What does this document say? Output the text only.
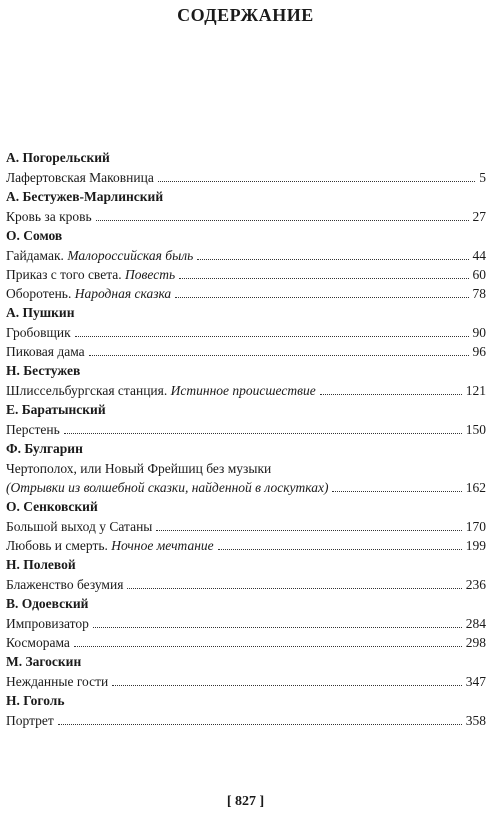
СОДЕРЖАНИЕ
А. Погорельский
Лафертовская Маковница	5
А. Бестужев-Марлинский
Кровь за кровь	27
О. Сомов
Гайдамак. Малороссийская быль	44
Приказ с того света. Повесть	60
Оборотень. Народная сказка	78
А. Пушкин
Гробовщик	90
Пиковая дама	96
Н. Бестужев
Шлиссельбургская станция. Истинное происшествие	121
Е. Баратынский
Перстень	150
Ф. Булгарин
Чертополох, или Новый Фрейшиц без музыки
(Отрывки из волшебной сказки, найденной в лоскутках)	162
О. Сенковский
Большой выход у Сатаны	170
Любовь и смерть. Ночное мечтание	199
Н. Полевой
Блаженство безумия	236
В. Одоевский
Импровизатор	284
Косморама	298
М. Загоскин
Нежданные гости	347
Н. Гоголь
Портрет	358
[ 827 ]
